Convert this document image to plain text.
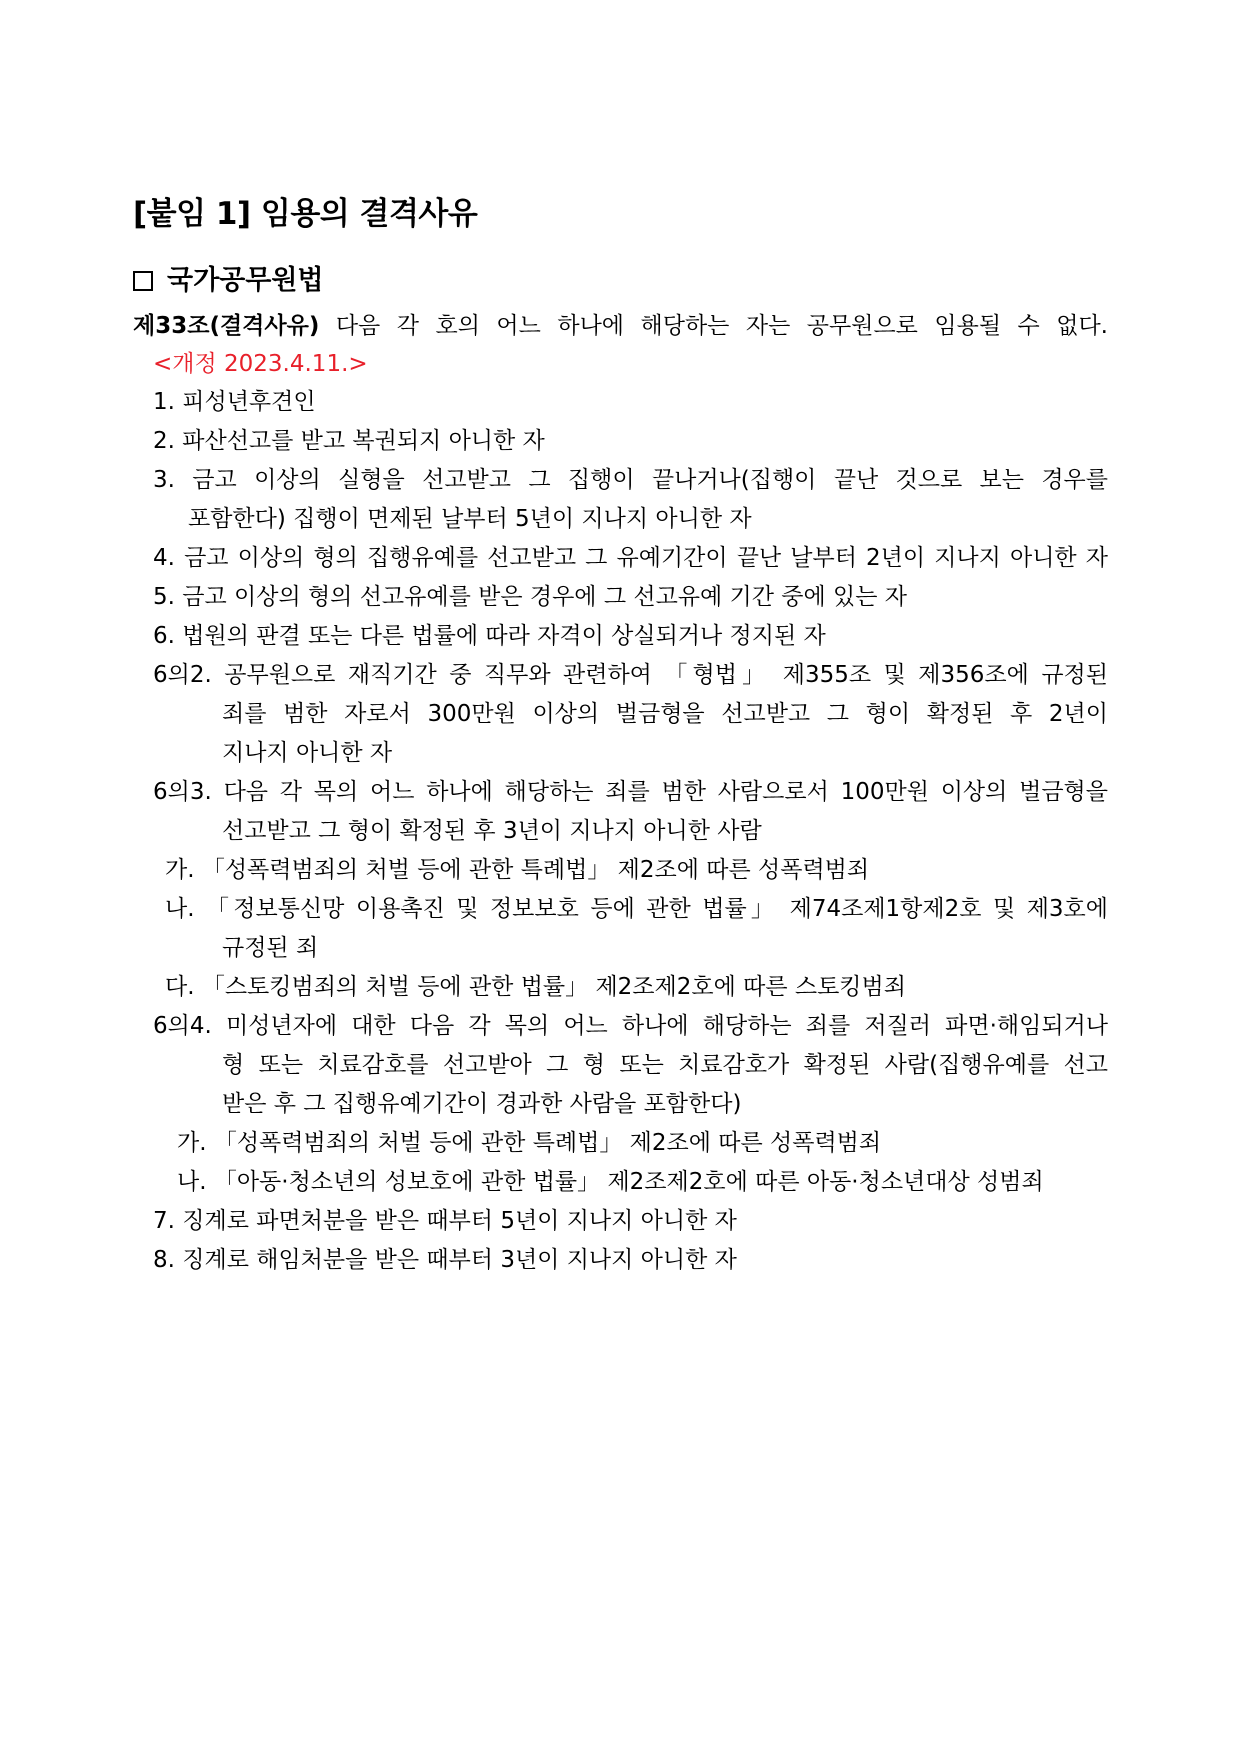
[붙임 1] 임용의 결격사유
국가공무원법
제33조(결격사유) 다음 각 호의 어느 하나에 해당하는 자는 공무원으로 임용될 수 없다.
<개정 2023.4.11.>
1. 피성년후견인
2. 파산선고를 받고 복권되지 아니한 자
3. 금고 이상의 실형을 선고받고 그 집행이 끝나거나(집행이 끝난 것으로 보는 경우를
포함한다) 집행이 면제된 날부터 5년이 지나지 아니한 자
4. 금고 이상의 형의 집행유예를 선고받고 그 유예기간이 끝난 날부터 2년이 지나지 아니한 자
5. 금고 이상의 형의 선고유예를 받은 경우에 그 선고유예 기간 중에 있는 자
6. 법원의 판결 또는 다른 법률에 따라 자격이 상실되거나 정지된 자
6의2. 공무원으로 재직기간 중 직무와 관련하여 「형법」 제355조 및 제356조에 규정된
죄를 범한 자로서 300만원 이상의 벌금형을 선고받고 그 형이 확정된 후 2년이
지나지 아니한 자
6의3. 다음 각 목의 어느 하나에 해당하는 죄를 범한 사람으로서 100만원 이상의 벌금형을
선고받고 그 형이 확정된 후 3년이 지나지 아니한 사람
가. 「성폭력범죄의 처벌 등에 관한 특례법」 제2조에 따른 성폭력범죄
나. 「정보통신망 이용촉진 및 정보보호 등에 관한 법률」 제74조제1항제2호 및 제3호에
규정된 죄
다. 「스토킹범죄의 처벌 등에 관한 법률」 제2조제2호에 따른 스토킹범죄
6의4. 미성년자에 대한 다음 각 목의 어느 하나에 해당하는 죄를 저질러 파면·해임되거나
형 또는 치료감호를 선고받아 그 형 또는 치료감호가 확정된 사람(집행유예를 선고
받은 후 그 집행유예기간이 경과한 사람을 포함한다)
가. 「성폭력범죄의 처벌 등에 관한 특례법」 제2조에 따른 성폭력범죄
나. 「아동·청소년의 성보호에 관한 법률」 제2조제2호에 따른 아동·청소년대상 성범죄
7. 징계로 파면처분을 받은 때부터 5년이 지나지 아니한 자
8. 징계로 해임처분을 받은 때부터 3년이 지나지 아니한 자
